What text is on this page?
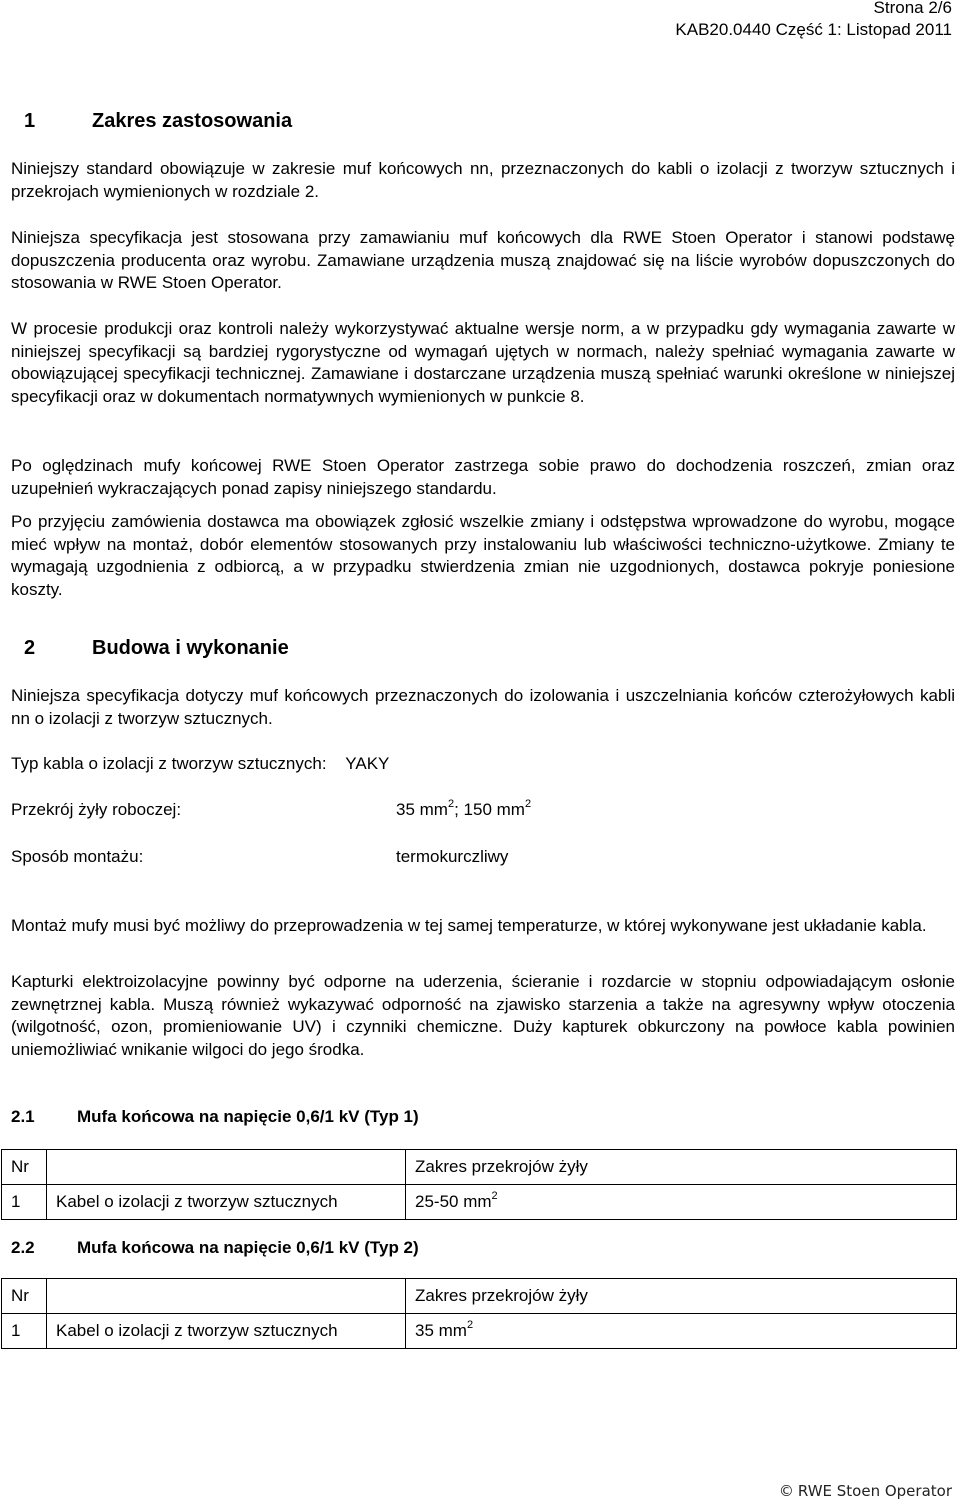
Strona 2/6
KAB20.0440 Część 1: Listopad 2011
1	Zakres zastosowania
Niniejszy standard obowiązuje w zakresie muf końcowych nn, przeznaczonych do kabli o izolacji z tworzyw sztucznych i przekrojach wymienionych w rozdziale 2.
Niniejsza specyfikacja jest stosowana przy zamawianiu muf końcowych dla RWE Stoen Operator i stanowi podstawę dopuszczenia producenta oraz wyrobu. Zamawiane urządzenia muszą znajdować się na liście wyrobów dopuszczonych do stosowania w RWE Stoen Operator.
W procesie produkcji oraz kontroli należy wykorzystywać aktualne wersje norm, a w przypadku gdy wymagania zawarte w niniejszej specyfikacji są bardziej rygorystyczne od wymagań ujętych w normach, należy spełniać wymagania zawarte w obowiązującej specyfikacji technicznej. Zamawiane i dostarczane urządzenia muszą spełniać warunki określone w niniejszej specyfikacji oraz w dokumentach normatywnych wymienionych w punkcie 8.
Po oględzinach mufy końcowej RWE Stoen Operator zastrzega sobie prawo do dochodzenia roszczeń, zmian oraz uzupełnień wykraczających ponad zapisy niniejszego standardu.
Po przyjęciu zamówienia dostawca ma obowiązek zgłosić wszelkie zmiany i odstępstwa wprowadzone do wyrobu, mogące mieć wpływ na montaż, dobór elementów stosowanych przy instalowaniu lub właściwości techniczno-użytkowe. Zmiany te wymagają uzgodnienia z odbiorcą, a w przypadku stwierdzenia zmian nie uzgodnionych, dostawca pokryje poniesione koszty.
2	Budowa i wykonanie
Niniejsza specyfikacja dotyczy muf końcowych przeznaczonych do izolowania i uszczelniania końców czterożyłowych kabli nn o izolacji z tworzyw sztucznych.
Typ kabla o izolacji z tworzyw sztucznych: YAKY
Przekrój żyły roboczej:	35 $mm^2$; 150 $mm^2$
Sposób montażu:	termokurczliwy
Montaż mufy musi być możliwy do przeprowadzenia w tej samej temperaturze, w której wykonywane jest układanie kabla.
Kapturki elektroizolacyjne powinny być odporne na uderzenia, ścieranie i rozdarcie w stopniu odpowiadającym osłonie zewnętrznej kabla. Muszą również wykazywać odporność na zjawisko starzenia a także na agresywny wpływ otoczenia (wilgotność, ozon, promieniowanie UV) i czynniki chemiczne. Duży kapturek obkurczony na powłoce kabla powinien uniemożliwiać wnikanie wilgoci do jego środka.
2.1 Mufa końcowa na napięcie 0,6/1 kV (Typ 1)
Nr		Zakres przekrojów żyły
1	Kabel o izolacji z tworzyw sztucznych	25-50 $mm^2$
2.2 Mufa końcowa na napięcie 0,6/1 kV (Typ 2)
Nr		Zakres przekrojów żyły
1	Kabel o izolacji z tworzyw sztucznych	35 $mm^2$
© RWE Stoen Operator
